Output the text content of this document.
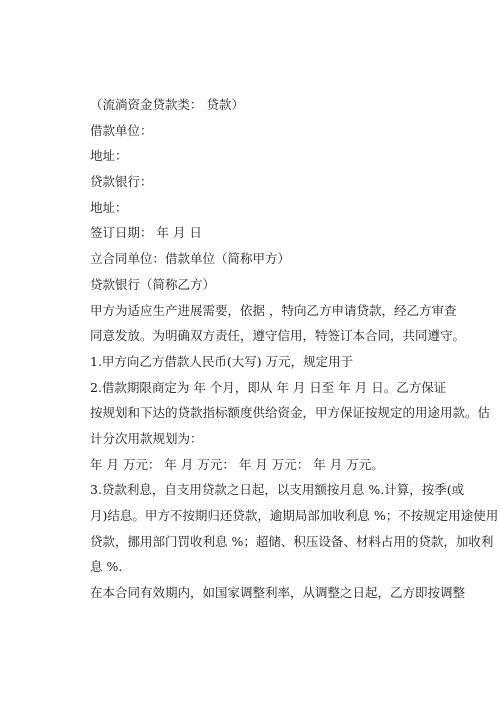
（流淌资金贷款类： 贷款）
借款单位：
地址：
贷款银行：
地址：
签订日期： 年 月 日
立合同单位：借款单位（简称甲方）
贷款银行（简称乙方）
甲方为适应生产进展需要，依据 ，特向乙方申请贷款，经乙方审查
同意发放。为明确双方责任，遵守信用，特签订本合同，共同遵守。
1.甲方向乙方借款人民币(大写) 万元，规定用于
2.借款期限商定为 年 个月，即从 年 月 日至 年 月 日。乙方保证
按规划和下达的贷款指标额度供给资金，甲方保证按规定的用途用款。估
计分次用款规划为：
年 月 万元： 年 月 万元： 年 月 万元： 年 月 万元。
3.贷款利息，自支用贷款之日起，以支用额按月息 %.计算，按季(或
月)结息。甲方不按期归还贷款，逾期局部加收利息 %；不按规定用途使用
贷款，挪用部门罚收利息 %；超储、积压设备、材料占用的贷款，加收利
息 %.
在本合同有效期内，如国家调整利率，从调整之日起，乙方即按调整
